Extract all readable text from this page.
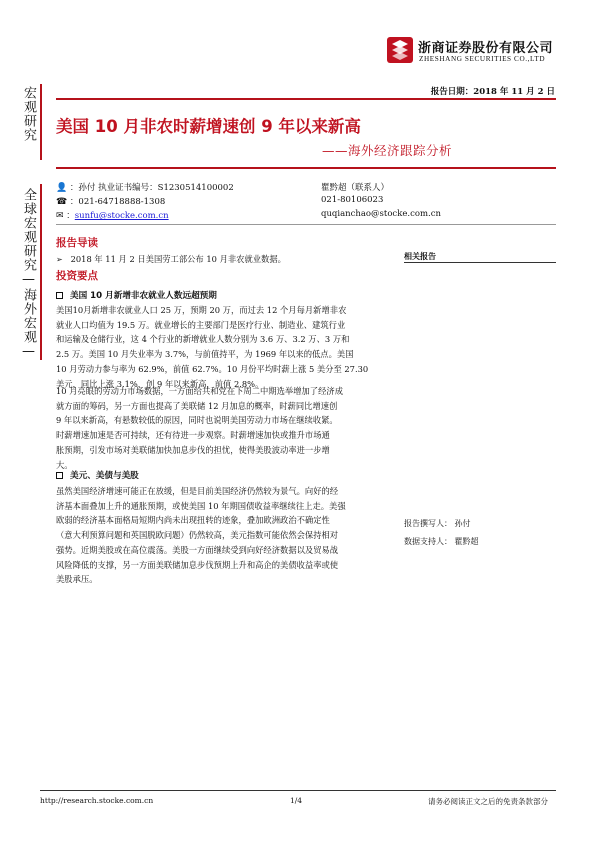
浙商证券股份有限公司
ZHESHANG SECURITIES CO.,LTD
报告日期：2018 年 11 月 2 日
宏观研究
全球宏观研究—海外宏观—
美国 10 月非农时薪增速创 9 年以来新高
——海外经济跟踪分析
👤 ：孙付 执业证书编号：S1230514100002	瞿黔超（联系人）
☎ ：021-64718888-1308	021-80106023
✉ ：sunfu@stocke.com.cn	quqianchao@stocke.com.cn
报告导读
➢ 2018 年 11 月 2 日美国劳工部公布 10 月非农就业数据。
投资要点
美国 10 月新增非农就业人数远超预期
美国10月新增非农就业人口 25 万，预期 20 万，而过去 12 个月每月新增非农
就业人口均值为 19.5 万。就业增长的主要部门是医疗行业、制造业、建筑行业
和运输及仓储行业，这 4 个行业的新增就业人数分别为 3.6 万、3.2 万、3 万和
2.5 万。美国 10 月失业率为 3.7%，与前值持平，为 1969 年以来的低点。美国
10 月劳动力参与率为 62.9%，前值 62.7%。10 月份平均时薪上涨 5 美分至 27.30
美元，同比上涨 3.1%，创 9 年以来新高，前值 2.8%。
10 月亮眼的劳动力市场数据，一方面给共和党在下周二中期选举增加了经济成
就方面的筹码，另一方面也提高了美联储 12 月加息的概率，时薪同比增速创
9 年以来新高，有悬数较低的原因，同时也说明美国劳动力市场在继续收紧。
时薪增速加速是否可持续，还有待进一步观察。时薪增速加快或推升市场通
胀预期，引发市场对美联储加快加息步伐的担忧，使得美股波动率进一步增
大。
美元、美债与美股
虽然美国经济增速可能正在放缓，但是目前美国经济仍然较为景气。向好的经
济基本面叠加上升的通胀预期，或使美国 10 年期国债收益率继续往上走。美强
欧弱的经济基本面格局短期内尚未出现扭转的迹象，叠加欧洲政治不确定性
（意大利预算问题和英国脱欧问题）仍然较高，美元指数可能依然会保持相对
强势。近期美股或在高位震荡。美股一方面继续受到向好经济数据以及贸易战
风险降低的支撑，另一方面美联储加息步伐预期上升和高企的美债收益率或使
美股承压。
相关报告
报告撰写人： 孙付
数据支持人： 瞿黔超
http://research.stocke.com.cn	1/4	请务必阅读正文之后的免责条款部分
